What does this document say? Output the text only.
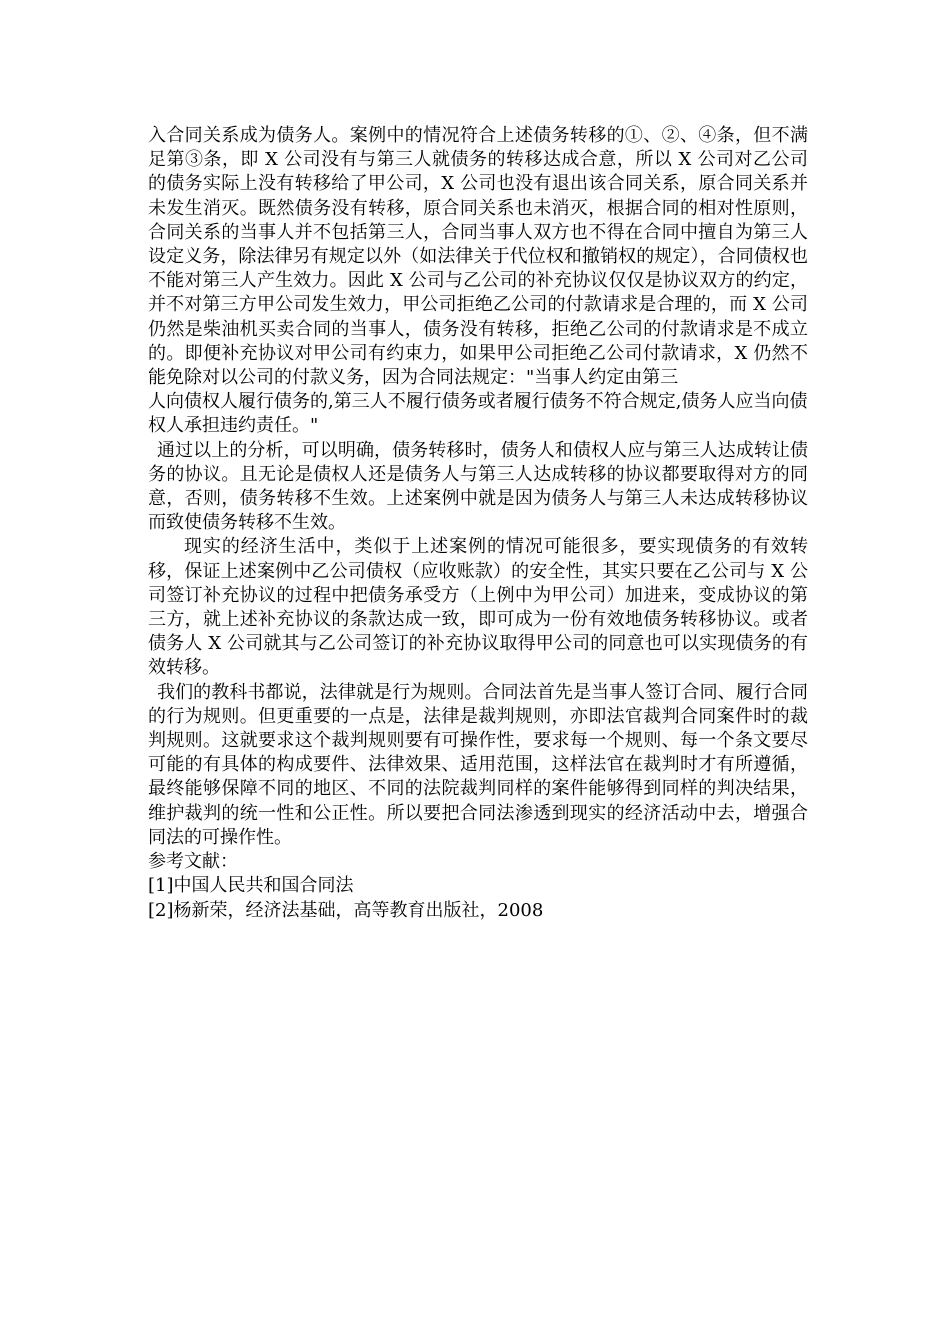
入合同关系成为债务人。案例中的情况符合上述债务转移的①、②、④条，但不满足第③条，即 X 公司没有与第三人就债务的转移达成合意，所以 X 公司对乙公司的债务实际上没有转移给了甲公司，X 公司也没有退出该合同关系，原合同关系并未发生消灭。既然债务没有转移，原合同关系也未消灭，根据合同的相对性原则，合同关系的当事人并不包括第三人，合同当事人双方也不得在合同中擅自为第三人设定义务，除法律另有规定以外（如法律关于代位权和撤销权的规定），合同债权也不能对第三人产生效力。因此 X 公司与乙公司的补充协议仅仅是协议双方的约定，并不对第三方甲公司发生效力，甲公司拒绝乙公司的付款请求是合理的，而 X 公司仍然是柴油机买卖合同的当事人，债务没有转移，拒绝乙公司的付款请求是不成立的。即便补充协议对甲公司有约束力，如果甲公司拒绝乙公司付款请求，X 仍然不能免除对以公司的付款义务，因为合同法规定："当事人约定由第三

人向债权人履行债务的,第三人不履行债务或者履行债务不符合规定,债务人应当向债权人承担违约责任。"

通过以上的分析，可以明确，债务转移时，债务人和债权人应与第三人达成转让债务的协议。且无论是债权人还是债务人与第三人达成转移的协议都要取得对方的同意，否则，债务转移不生效。上述案例中就是因为债务人与第三人未达成转移协议而致使债务转移不生效。

现实的经济生活中，类似于上述案例的情况可能很多，要实现债务的有效转移，保证上述案例中乙公司债权（应收账款）的安全性，其实只要在乙公司与 X 公司签订补充协议的过程中把债务承受方（上例中为甲公司）加进来，变成协议的第三方，就上述补充协议的条款达成一致，即可成为一份有效地债务转移协议。或者债务人 X 公司就其与乙公司签订的补充协议取得甲公司的同意也可以实现债务的有效转移。

我们的教科书都说，法律就是行为规则。合同法首先是当事人签订合同、履行合同的行为规则。但更重要的一点是，法律是裁判规则，亦即法官裁判合同案件时的裁判规则。这就要求这个裁判规则要有可操作性，要求每一个规则、每一个条文要尽可能的有具体的构成要件、法律效果、适用范围，这样法官在裁判时才有所遵循，最终能够保障不同的地区、不同的法院裁判同样的案件能够得到同样的判决结果，维护裁判的统一性和公正性。所以要把合同法渗透到现实的经济活动中去，增强合同法的可操作性。

参考文献：

[1]中国人民共和国合同法

[2]杨新荣，经济法基础，高等教育出版社，2008
